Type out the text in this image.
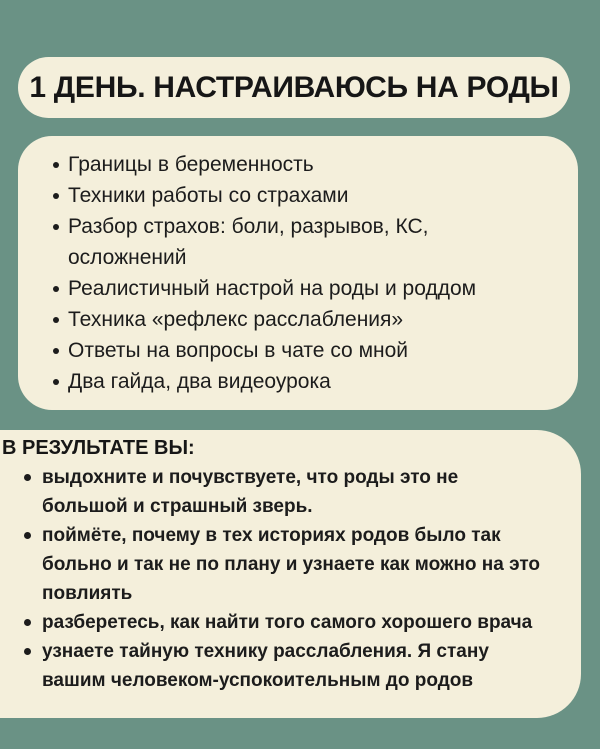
1 ДЕНЬ. НАСТРАИВАЮСЬ НА РОДЫ
Границы в беременность
Техники работы со страхами
Разбор страхов: боли, разрывов, КС, осложнений
Реалистичный настрой на роды и роддом
Техника «рефлекс расслабления»
Ответы на вопросы в чате со мной
Два гайда, два видеоурока
В РЕЗУЛЬТАТЕ ВЫ:
выдохните и почувствуете, что роды это не большой и страшный зверь.
поймёте, почему в тех историях родов было так больно и так не по плану и узнаете как можно на это повлиять
разберетесь, как найти того самого хорошего врача
узнаете тайную технику расслабления. Я стану вашим человеком-успокоительным до родов
